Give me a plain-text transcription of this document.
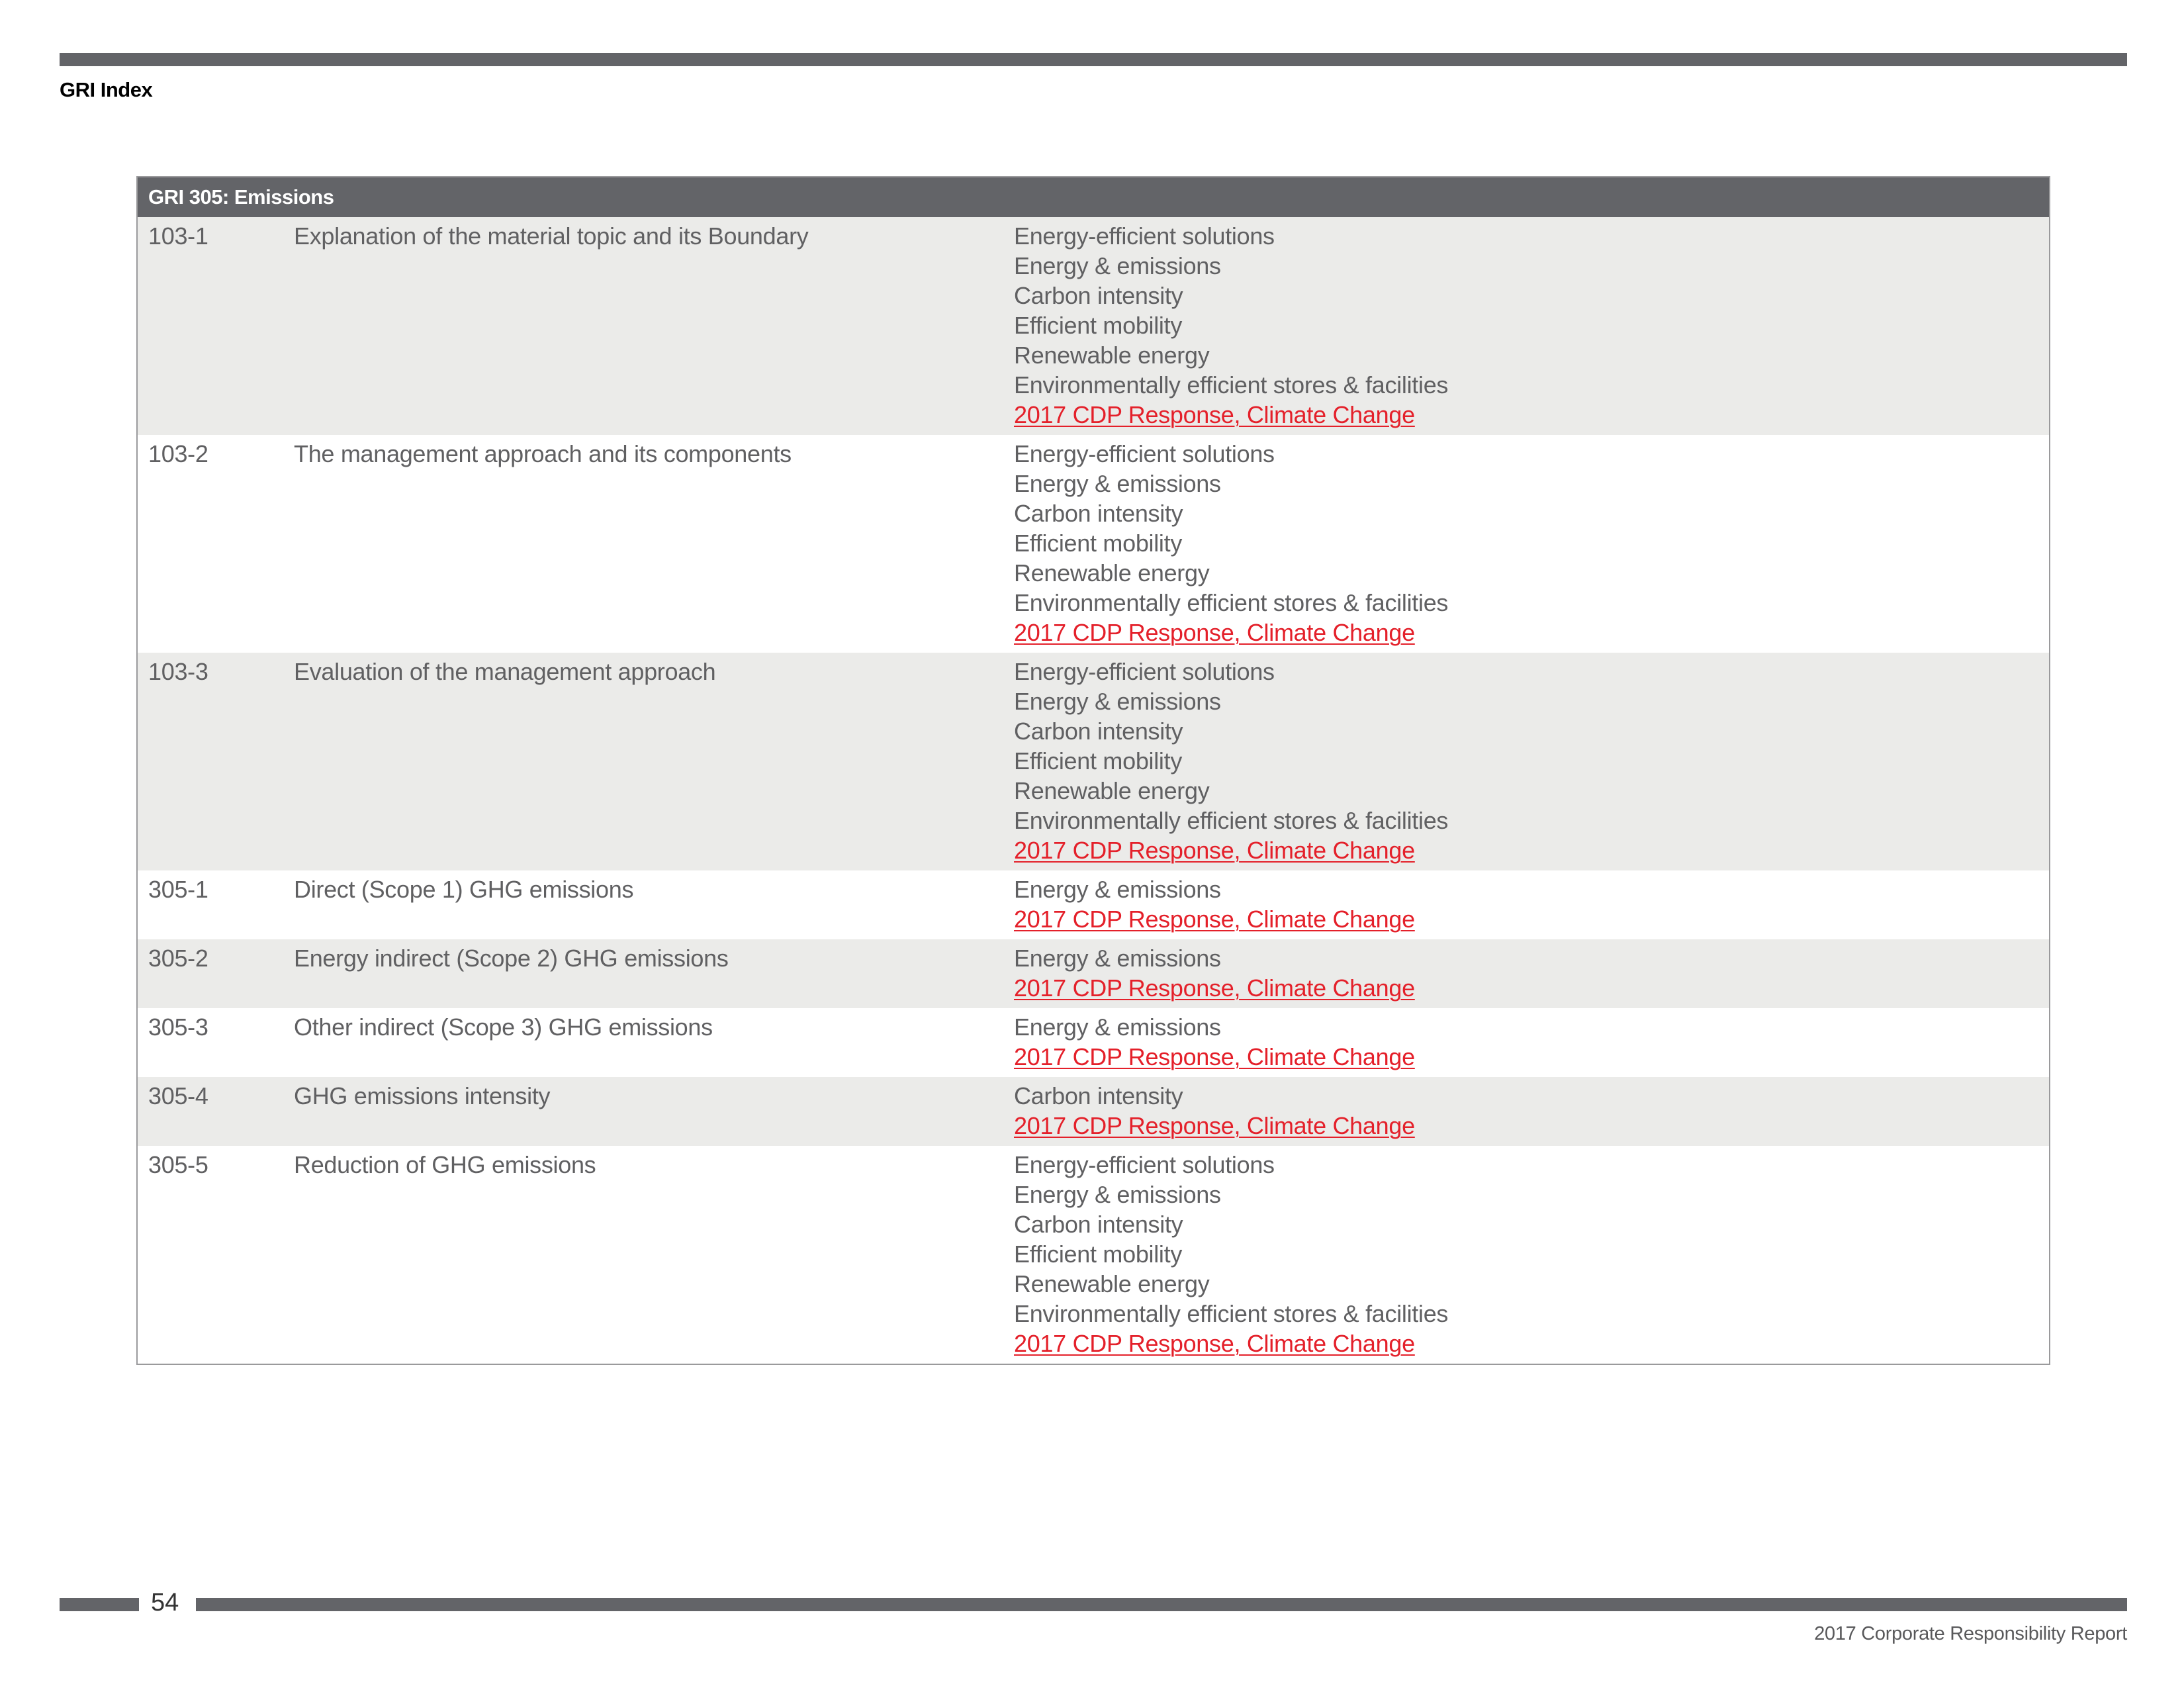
GRI Index
GRI 305: Emissions
103-1	Explanation of the material topic and its Boundary	Energy-efficient solutions
Energy & emissions
Carbon intensity
Efficient mobility
Renewable energy
Environmentally efficient stores & facilities
2017 CDP Response, Climate Change
103-2	The management approach and its components	Energy-efficient solutions
Energy & emissions
Carbon intensity
Efficient mobility
Renewable energy
Environmentally efficient stores & facilities
2017 CDP Response, Climate Change
103-3	Evaluation of the management approach	Energy-efficient solutions
Energy & emissions
Carbon intensity
Efficient mobility
Renewable energy
Environmentally efficient stores & facilities
2017 CDP Response, Climate Change
305-1	Direct (Scope 1) GHG emissions	Energy & emissions
2017 CDP Response, Climate Change
305-2	Energy indirect (Scope 2) GHG emissions	Energy & emissions
2017 CDP Response, Climate Change
305-3	Other indirect (Scope 3) GHG emissions	Energy & emissions
2017 CDP Response, Climate Change
305-4	GHG emissions intensity	Carbon intensity
2017 CDP Response, Climate Change
305-5	Reduction of GHG emissions	Energy-efficient solutions
Energy & emissions
Carbon intensity
Efficient mobility
Renewable energy
Environmentally efficient stores & facilities
2017 CDP Response, Climate Change
54
2017 Corporate Responsibility Report
